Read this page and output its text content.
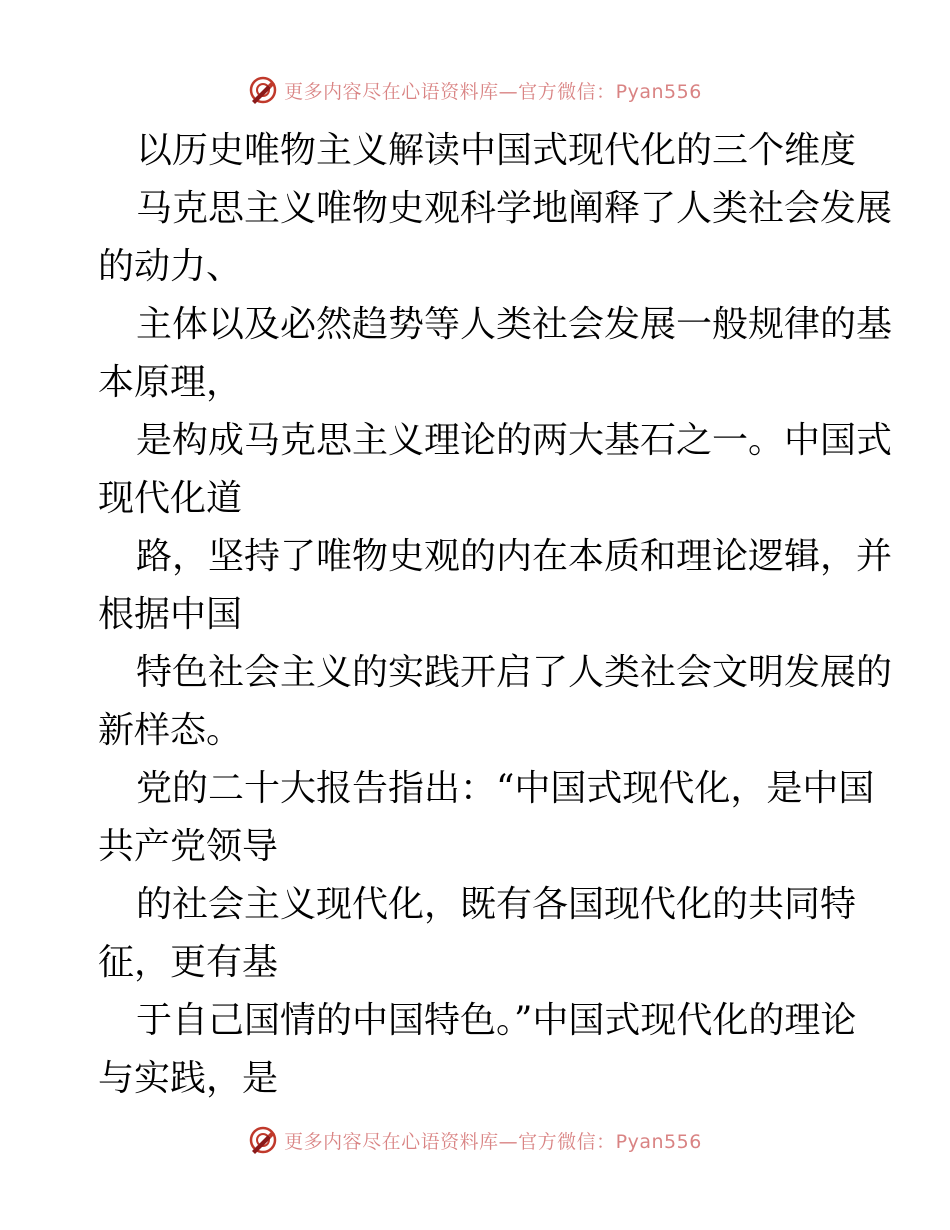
更多内容尽在心语资料库—官方微信：Pyan556
以历史唯物主义解读中国式现代化的三个维度
马克思主义唯物史观科学地阐释了人类社会发展
的动力、
主体以及必然趋势等人类社会发展一般规律的基
本原理，
是构成马克思主义理论的两大基石之一。中国式
现代化道
路，坚持了唯物史观的内在本质和理论逻辑，并
根据中国
特色社会主义的实践开启了人类社会文明发展的
新样态。
党的二十大报告指出：“中国式现代化，是中国
共产党领导
的社会主义现代化，既有各国现代化的共同特
征，更有基
于自己国情的中国特色。”中国式现代化的理论
与实践，是
更多内容尽在心语资料库—官方微信：Pyan556
